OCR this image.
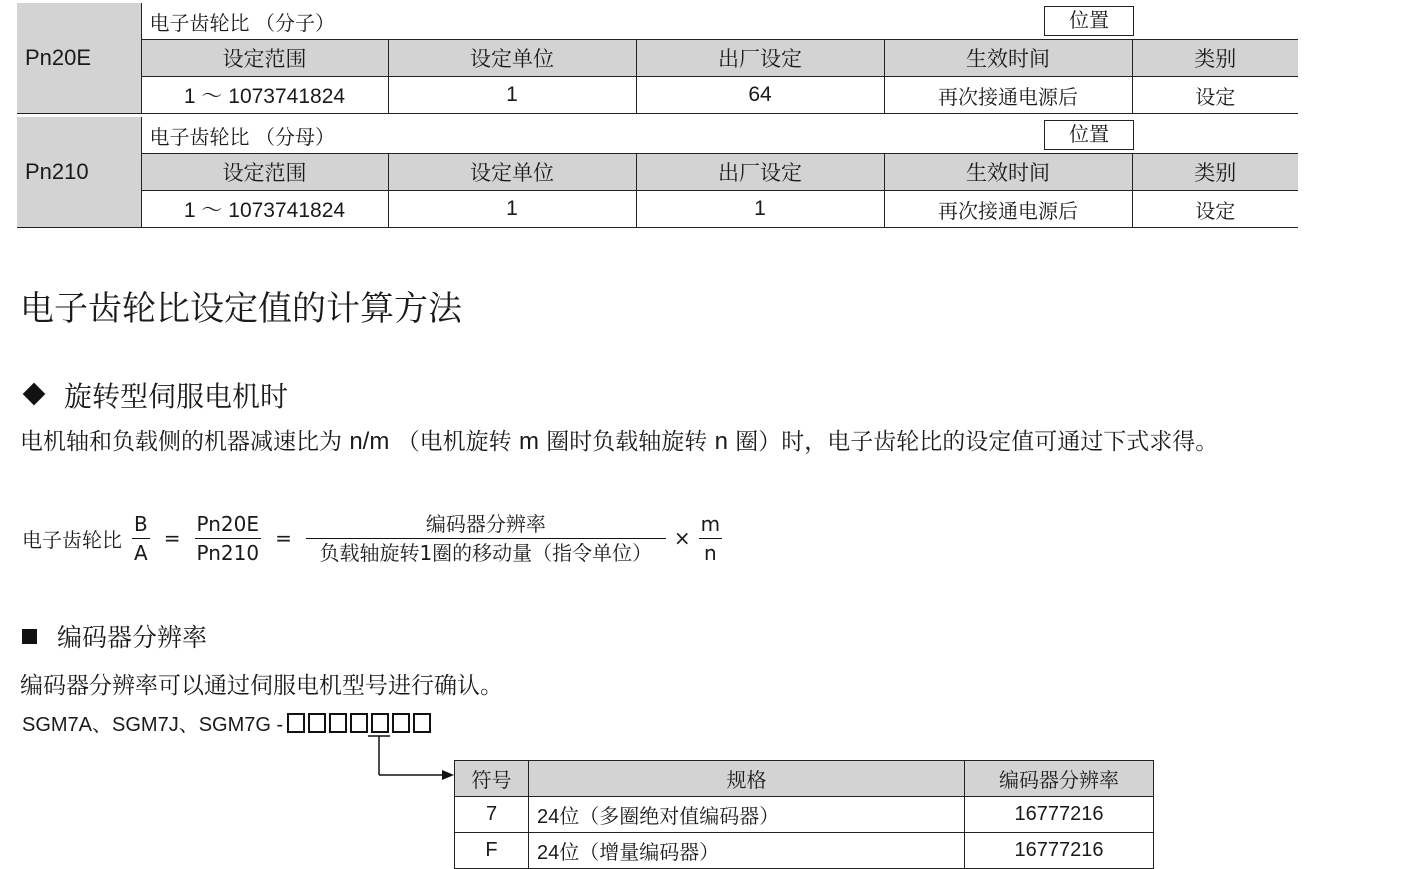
Pn20E	电子齿轮比 （分子） 位置				

	设定范围	设定单位	出厂设定	生效时间	类别
	1 ～ 1073741824	1	64	再次接通电源后	设定
Pn210	电子齿轮比 （分母） 位置				

	设定范围	设定单位	出厂设定	生效时间	类别
	1 ～ 1073741824	1	1	再次接通电源后	设定
电子齿轮比设定值的计算方法
旋转型伺服电机时
电机轴和负载侧的机器减速比为 n/m （电机旋转 m 圈时负载轴旋转 n 圈）时，电子齿轮比的设定值可通过下式求得。
电子齿轮比 $\frac{B}{A} = \frac{Pn20E}{Pn210} = \frac{\text{编码器分辨率}}{\text{负载轴旋转1圈的移动量（指令单位）}} \times \frac{m}{n}$
编码器分辨率
编码器分辨率可以通过伺服电机型号进行确认。
SGM7A、SGM7J、SGM7G -
符号	规格	编码器分辨率
7	24位（多圈绝对值编码器）	16777216
F	24位（增量编码器）	16777216
